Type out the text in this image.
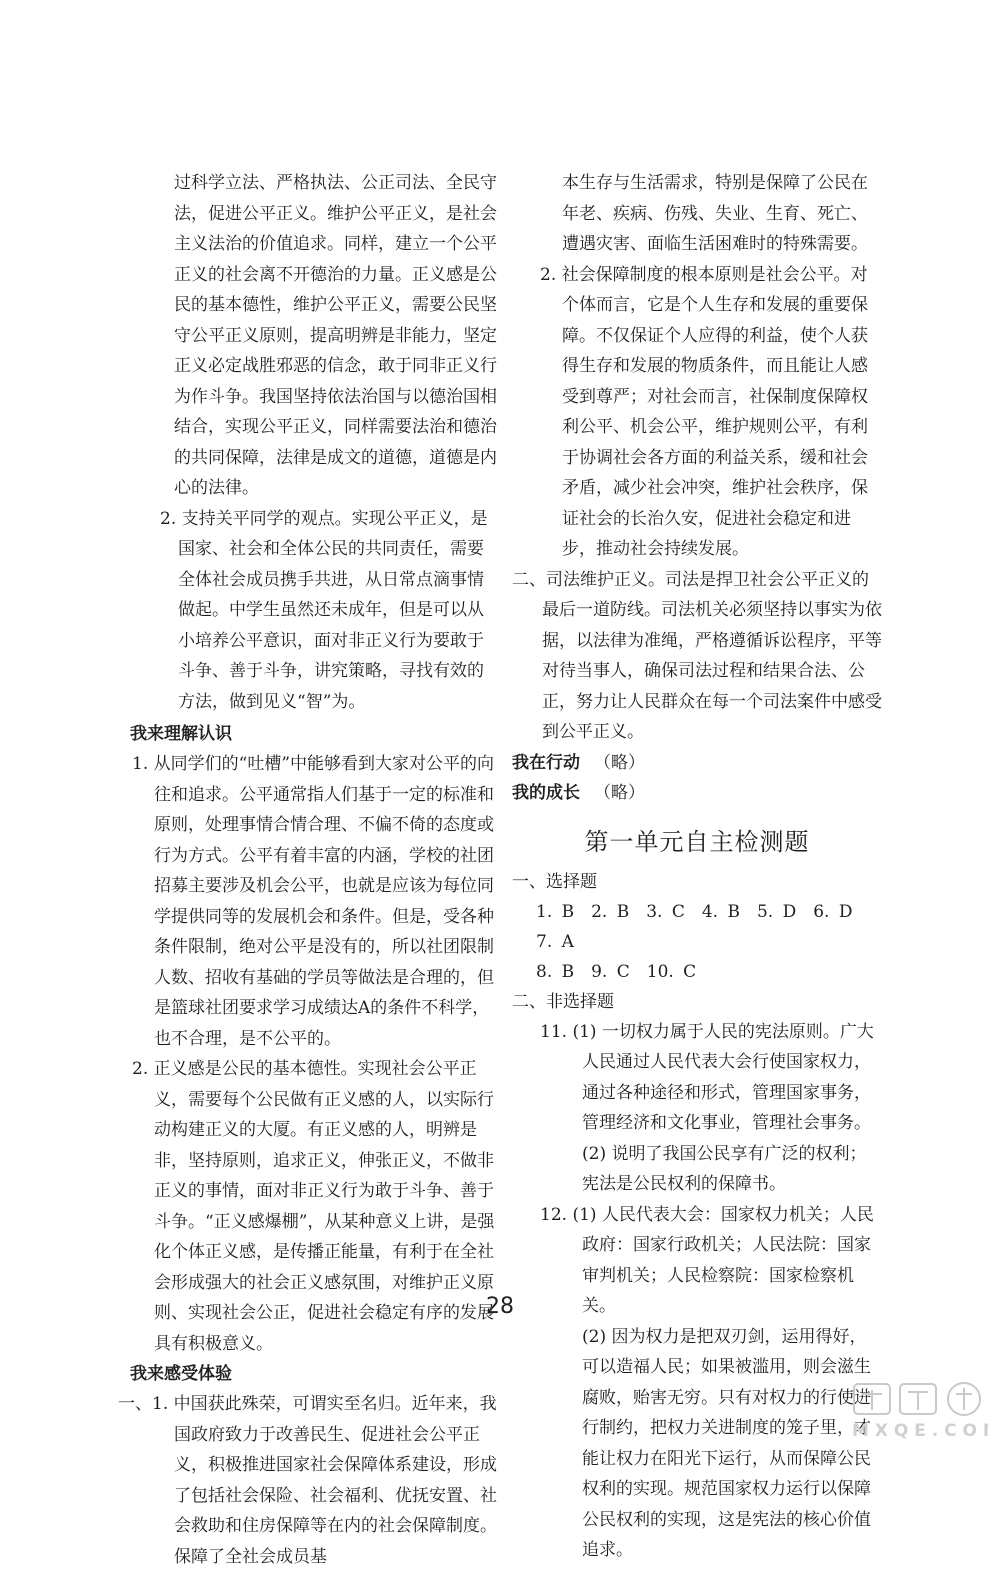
过科学立法、严格执法、公正司法、全民守法，促进公平正义。维护公平正义，是社会主义法治的价值追求。同样，建立一个公平正义的社会离不开德治的力量。正义感是公民的基本德性，维护公平正义，需要公民坚守公平正义原则，提高明辨是非能力，坚定正义必定战胜邪恶的信念，敢于同非正义行为作斗争。我国坚持依法治国与以德治国相结合，实现公平正义，同样需要法治和德治的共同保障，法律是成文的道德，道德是内心的法律。

2. 支持关平同学的观点。实现公平正义，是国家、社会和全体公民的共同责任，需要全体社会成员携手共进，从日常点滴事情做起。中学生虽然还未成年，但是可以从小培养公平意识，面对非正义行为要敢于斗争、善于斗争，讲究策略，寻找有效的方法，做到见义“智”为。

我来理解认识

1. 从同学们的“吐槽”中能够看到大家对公平的向往和追求。公平通常指人们基于一定的标准和原则，处理事情合情合理、不偏不倚的态度或行为方式。公平有着丰富的内涵，学校的社团招募主要涉及机会公平，也就是应该为每位同学提供同等的发展机会和条件。但是，受各种条件限制，绝对公平是没有的，所以社团限制人数、招收有基础的学员等做法是合理的，但是篮球社团要求学习成绩达A的条件不科学，也不合理，是不公平的。

2. 正义感是公民的基本德性。实现社会公平正义，需要每个公民做有正义感的人，以实际行动构建正义的大厦。有正义感的人，明辨是非，坚持原则，追求正义，伸张正义，不做非正义的事情，面对非正义行为敢于斗争、善于斗争。“正义感爆棚”，从某种意义上讲，是强化个体正义感，是传播正能量，有利于在全社会形成强大的社会正义感氛围，对维护正义原则、实现社会公正，促进社会稳定有序的发展具有积极意义。

我来感受体验

一、1. 中国获此殊荣，可谓实至名归。近年来，我国政府致力于改善民生、促进社会公平正义，积极推进国家社会保障体系建设，形成了包括社会保险、社会福利、优抚安置、社会救助和住房保障等在内的社会保障制度。保障了全社会成员基

本生存与生活需求，特别是保障了公民在年老、疾病、伤残、失业、生育、死亡、遭遇灾害、面临生活困难时的特殊需要。

2. 社会保障制度的根本原则是社会公平。对个体而言，它是个人生存和发展的重要保障。不仅保证个人应得的利益，使个人获得生存和发展的物质条件，而且能让人感受到尊严；对社会而言，社保制度保障权利公平、机会公平，维护规则公平，有利于协调社会各方面的利益关系，缓和社会矛盾，减少社会冲突，维护社会秩序，保证社会的长治久安，促进社会稳定和进步，推动社会持续发展。

二、司法维护正义。司法是捍卫社会公平正义的最后一道防线。司法机关必须坚持以事实为依据，以法律为准绳，严格遵循诉讼程序，平等对待当事人，确保司法过程和结果合法、公正，努力让人民群众在每一个司法案件中感受到公平正义。

我在行动 （略）

我的成长 （略）

第一单元自主检测题

一、选择题

1. B　2. B　3. C　4. B　5. D　6. D　7. A

8. B　9. C　10. C

二、非选择题

11. (1) 一切权力属于人民的宪法原则。广大人民通过人民代表大会行使国家权力，通过各种途径和形式，管理国家事务，管理经济和文化事业，管理社会事务。

(2) 说明了我国公民享有广泛的权利；宪法是公民权利的保障书。

12. (1) 人民代表大会：国家权力机关；人民政府：国家行政机关；人民法院：国家审判机关；人民检察院：国家检察机关。

(2) 因为权力是把双刃剑，运用得好，可以造福人民；如果被滥用，则会滋生腐败，贻害无穷。只有对权力的行使进行制约，把权力关进制度的笼子里，才能让权力在阳光下运行，从而保障公民权利的实现。规范国家权力运行以保障公民权利的实现，这是宪法的核心价值追求。

28
M X Q E . C O M
